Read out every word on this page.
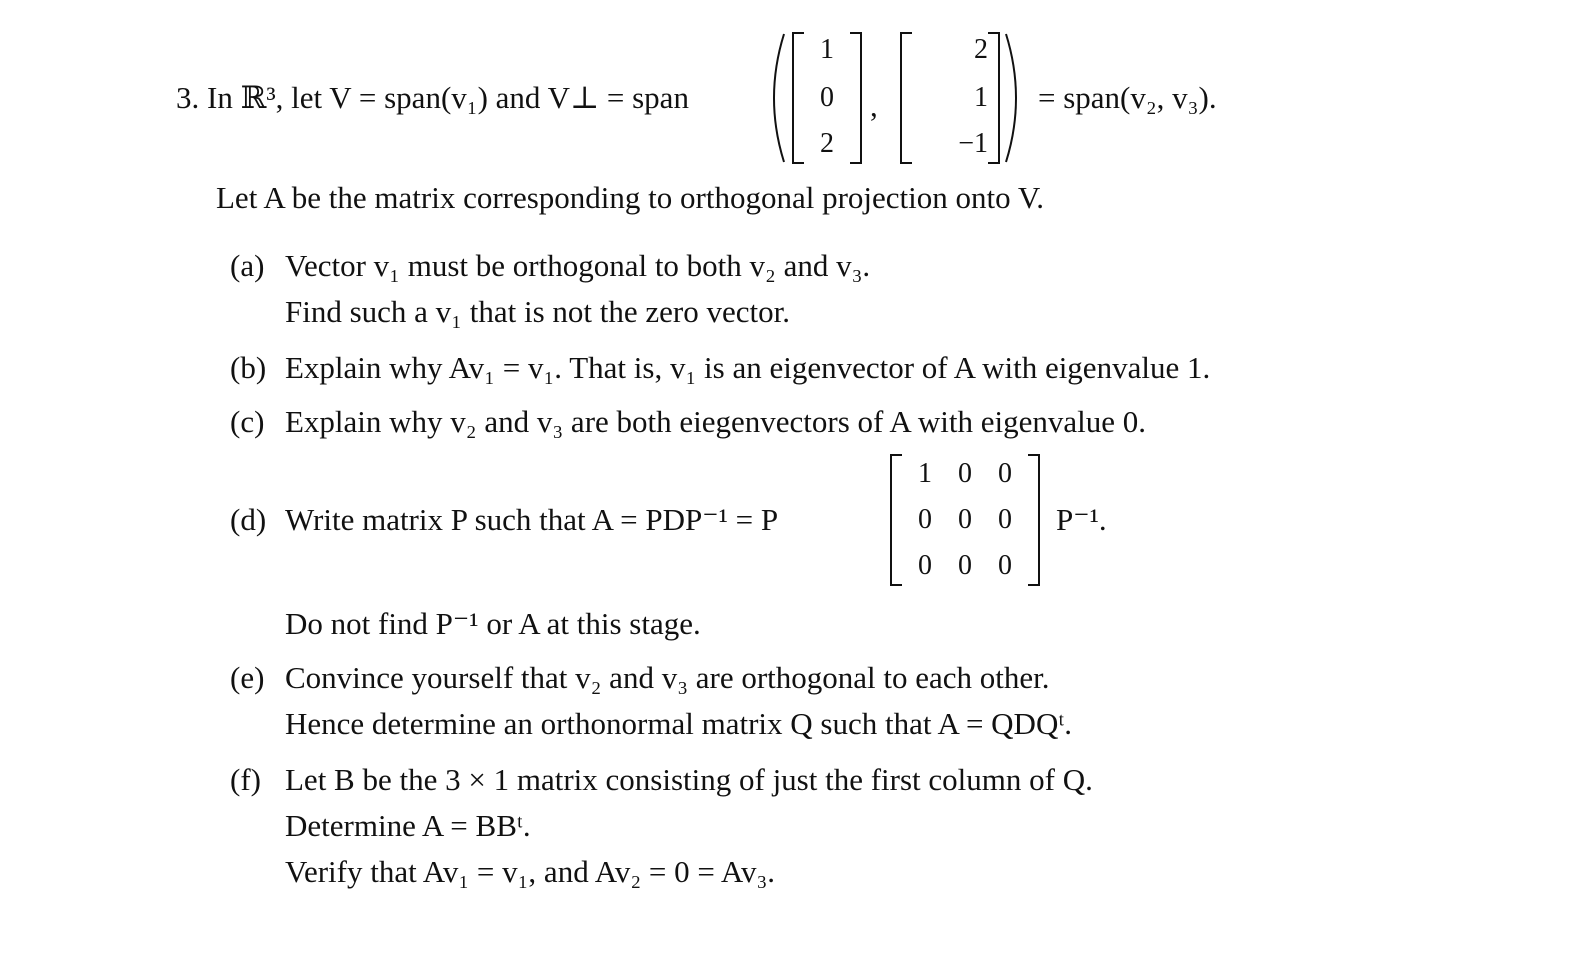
3. In ℝ³, let V = span(v₁) and V⊥ = span
1
0
2
,
2
1
−1
= span(v₂, v₃).
Let A be the matrix corresponding to orthogonal projection onto V.
(a) Vector v₁ must be orthogonal to both v₂ and v₃.
Find such a v₁ that is not the zero vector.
(b) Explain why Av₁ = v₁. That is, v₁ is an eigenvector of A with eigenvalue 1.
(c) Explain why v₂ and v₃ are both eiegenvectors of A with eigenvalue 0.
(d) Write matrix P such that A = PDP⁻¹ = P
1 0 0
0 0 0
0 0 0
P⁻¹.
Do not find P⁻¹ or A at this stage.
(e) Convince yourself that v₂ and v₃ are orthogonal to each other.
Hence determine an orthonormal matrix Q such that A = QDQᵗ.
(f) Let B be the 3 × 1 matrix consisting of just the first column of Q.
Determine A = BBᵗ.
Verify that Av₁ = v₁, and Av₂ = 0 = Av₃.
